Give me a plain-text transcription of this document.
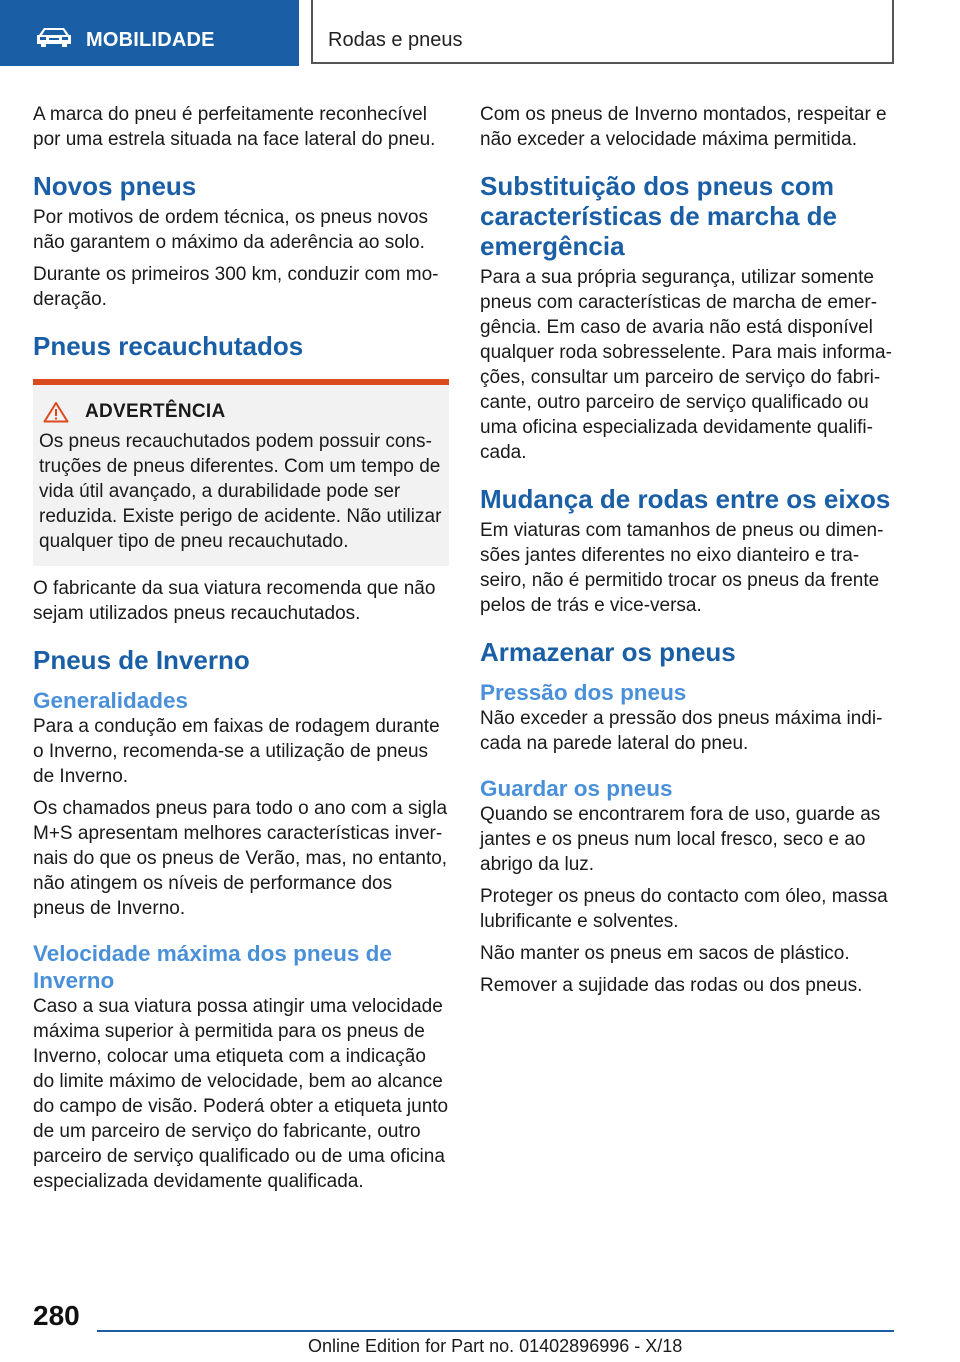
MOBILIDADE	Rodas e pneus

A marca do pneu é perfeitamente reconhecível por uma estrela situada na face lateral do pneu.

Novos pneus

Por motivos de ordem técnica, os pneus novos não garantem o máximo da aderência ao solo.

Durante os primeiros 300 km, conduzir com moderação.

Pneus recauchutados
ADVERTÊNCIA

Os pneus recauchutados podem possuir construções de pneus diferentes. Com um tempo de vida útil avançado, a durabilidade pode ser reduzida. Existe perigo de acidente. Não utilizar qualquer tipo de pneu recauchutado.

O fabricante da sua viatura recomenda que não sejam utilizados pneus recauchutados.

Pneus de Inverno
Generalidades

Para a condução em faixas de rodagem durante o Inverno, recomenda-se a utilização de pneus de Inverno.

Os chamados pneus para todo o ano com a sigla M+S apresentam melhores características invernais do que os pneus de Verão, mas, no entanto, não atingem os níveis de performance dos pneus de Inverno.

Velocidade máxima dos pneus de Inverno

Caso a sua viatura possa atingir uma velocidade máxima superior à permitida para os pneus de Inverno, colocar uma etiqueta com a indicação do limite máximo de velocidade, bem ao alcance do campo de visão. Poderá obter a etiqueta junto de um parceiro de serviço do fabricante, outro parceiro de serviço qualificado ou de uma oficina especializada devidamente qualificada.

Com os pneus de Inverno montados, respeitar e não exceder a velocidade máxima permitida.

Substituição dos pneus com características de marcha de emergência

Para a sua própria segurança, utilizar somente pneus com características de marcha de emergência. Em caso de avaria não está disponível qualquer roda sobresselente. Para mais informações, consultar um parceiro de serviço do fabricante, outro parceiro de serviço qualificado ou uma oficina especializada devidamente qualificada.

Mudança de rodas entre os eixos

Em viaturas com tamanhos de pneus ou dimensões jantes diferentes no eixo dianteiro e traseiro, não é permitido trocar os pneus da frente pelos de trás e vice-versa.

Armazenar os pneus
Pressão dos pneus

Não exceder a pressão dos pneus máxima indicada na parede lateral do pneu.

Guardar os pneus

Quando se encontrarem fora de uso, guarde as jantes e os pneus num local fresco, seco e ao abrigo da luz.

Proteger os pneus do contacto com óleo, massa lubrificante e solventes.

Não manter os pneus em sacos de plástico.

Remover a sujidade das rodas ou dos pneus.

280
Online Edition for Part no. 01402896996 - X/18
